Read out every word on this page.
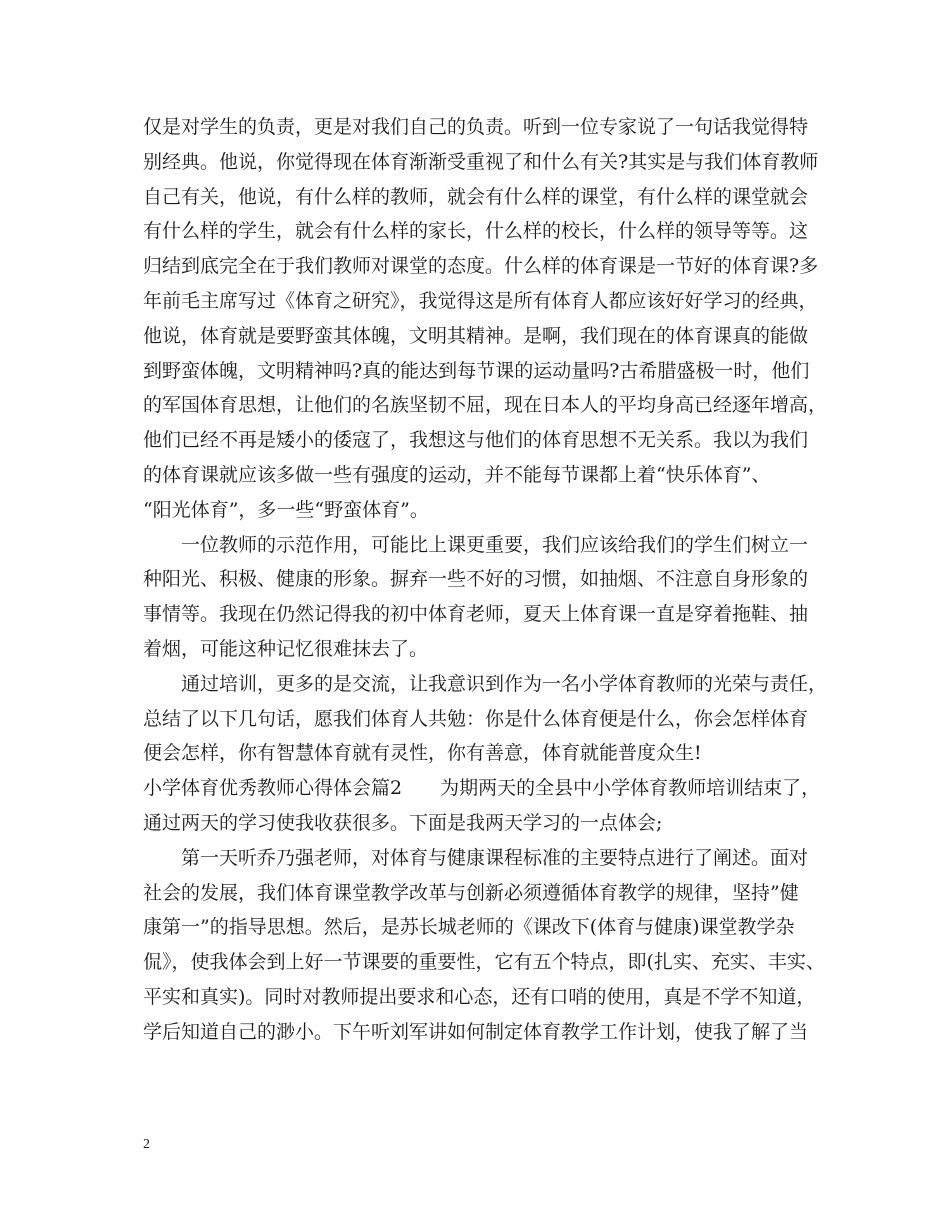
仅是对学生的负责，更是对我们自己的负责。听到一位专家说了一句话我觉得特
别经典。他说，你觉得现在体育渐渐受重视了和什么有关?其实是与我们体育教师
自己有关，他说，有什么样的教师，就会有什么样的课堂，有什么样的课堂就会
有什么样的学生，就会有什么样的家长，什么样的校长，什么样的领导等等。这
归结到底完全在于我们教师对课堂的态度。什么样的体育课是一节好的体育课?多
年前毛主席写过《体育之研究》，我觉得这是所有体育人都应该好好学习的经典，
他说，体育就是要野蛮其体魄，文明其精神。是啊，我们现在的体育课真的能做
到野蛮体魄，文明精神吗?真的能达到每节课的运动量吗?古希腊盛极一时，他们
的军国体育思想，让他们的名族坚韧不屈，现在日本人的平均身高已经逐年增高，
他们已经不再是矮小的倭寇了，我想这与他们的体育思想不无关系。我以为我们
的体育课就应该多做一些有强度的运动，并不能每节课都上着“快乐体育”、
“阳光体育”，多一些“野蛮体育”。
一位教师的示范作用，可能比上课更重要，我们应该给我们的学生们树立一
种阳光、积极、健康的形象。摒弃一些不好的习惯，如抽烟、不注意自身形象的
事情等。我现在仍然记得我的初中体育老师，夏天上体育课一直是穿着拖鞋、抽
着烟，可能这种记忆很难抹去了。
通过培训，更多的是交流，让我意识到作为一名小学体育教师的光荣与责任，
总结了以下几句话，愿我们体育人共勉：你是什么体育便是什么，你会怎样体育
便会怎样，你有智慧体育就有灵性，你有善意，体育就能普度众生!
小学体育优秀教师心得体会篇2　　为期两天的全县中小学体育教师培训结束了，
通过两天的学习使我收获很多。下面是我两天学习的一点体会;
第一天听乔乃强老师，对体育与健康课程标准的主要特点进行了阐述。面对
社会的发展，我们体育课堂教学改革与创新必须遵循体育教学的规律，坚持”健
康第一”的指导思想。然后，是苏长城老师的《课改下(体育与健康)课堂教学杂
侃》，使我体会到上好一节课要的重要性，它有五个特点，即(扎实、充实、丰实、
平实和真实)。同时对教师提出要求和心态，还有口哨的使用，真是不学不知道，
学后知道自己的渺小。下午听刘军讲如何制定体育教学工作计划，使我了解了当
2
